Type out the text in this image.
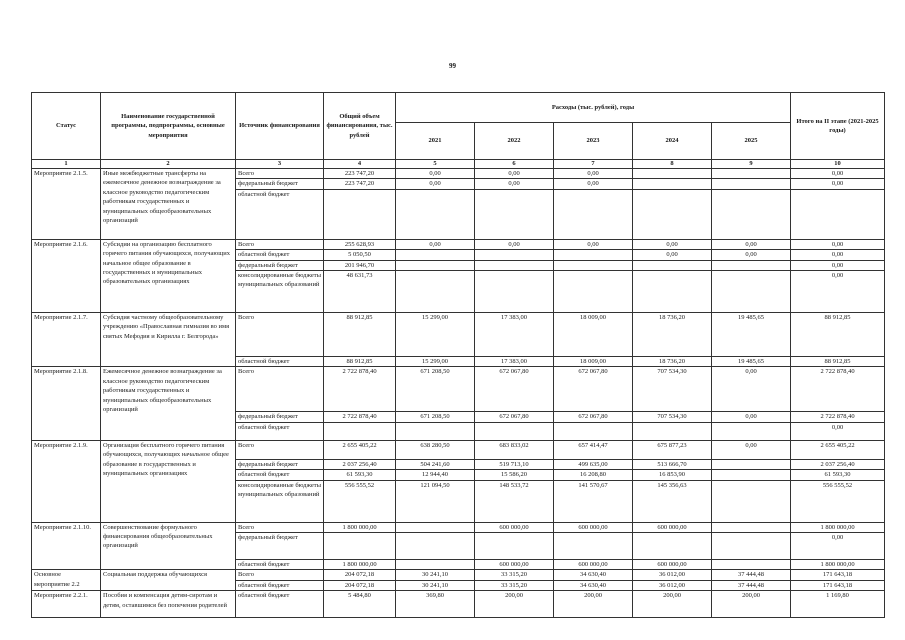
99
Статус	Наименование государственной программы, подпрограммы, основные мероприятия	Источник финансирования	Общий объем финансирования, тыс. рублей	Расходы (тыс. рублей), годы					Итого на II этапе (2021-2025 годы)
				2021	2022	2023	2024	2025	
1	2	3	4	5	6	7	8	9	10
Мероприятие 2.1.5.	Иные межбюджетные трансферты на ежемесячное денежное вознаграждение за классное руководство педагогическим работникам государственных и муниципальных общеобразовательных организаций	Всего	223 747,20	0,00	0,00	0,00			0,00
		федеральный бюджет	223 747,20	0,00	0,00	0,00			0,00
		областной бюджет							
Мероприятие 2.1.6.	Субсидии на организацию бесплатного горячего питания обучающихся, получающих начальное общее образование в государственных и муниципальных образовательных организациях	Всего	255 628,93	0,00	0,00	0,00	0,00	0,00	0,00
		областной бюджет	5 050,50				0,00	0,00	0,00
		федеральный бюджет	201 946,70						0,00
		консолидированные бюджеты муниципальных образований	48 631,73						0,00
Мероприятие 2.1.7.	Субсидия частному общеобразовательному учреждению «Православная гимназия во имя святых Мефодия и Кирилла г. Белгорода»	Всего	88 912,85	15 299,00	17 383,00	18 009,00	18 736,20	19 485,65	88 912,85
		областной бюджет	88 912,85	15 299,00	17 383,00	18 009,00	18 736,20	19 485,65	88 912,85
Мероприятие 2.1.8.	Ежемесячное денежное вознаграждение за классное руководство педагогическим работникам государственных и муниципальных общеобразовательных организаций	Всего	2 722 878,40	671 208,50	672 067,80	672 067,80	707 534,30	0,00	2 722 878,40
		федеральный бюджет	2 722 878,40	671 208,50	672 067,80	672 067,80	707 534,30	0,00	2 722 878,40
		областной бюджет							0,00
Мероприятие 2.1.9.	Организация бесплатного горячего питания обучающихся, получающих начальное общее образование в государственных и муниципальных организациях	Всего	2 655 405,22	638 280,50	683 833,02	657 414,47	675 877,23	0,00	2 655 405,22
		федеральный бюджет	2 037 256,40	504 241,60	519 713,10	499 635,00	513 666,70		2 037 256,40
		областной бюджет	61 593,30	12 944,40	15 586,20	16 208,80	16 853,90		61 593,30
		консолидированные бюджеты муниципальных образований	556 555,52	121 094,50	148 533,72	141 570,67	145 356,63		556 555,52
Мероприятие 2.1.10.	Совершенствование формульного финансирования общеобразовательных организаций	Всего	1 800 000,00		600 000,00	600 000,00	600 000,00		1 800 000,00
		федеральный бюджет							0,00
		областной бюджет	1 800 000,00		600 000,00	600 000,00	600 000,00		1 800 000,00
Основное мероприятие 2.2	Социальная поддержка обучающихся	Всего	204 072,18	30 241,10	33 315,20	34 630,40	36 012,00	37 444,48	171 643,18
		областной бюджет	204 072,18	30 241,10	33 315,20	34 630,40	36 012,00	37 444,48	171 643,18
Мероприятие 2.2.1.	Пособия и компенсация детям-сиротам и детям, оставшимся без попечения родителей	областной бюджет	5 484,80	369,80	200,00	200,00	200,00	200,00	1 169,80
